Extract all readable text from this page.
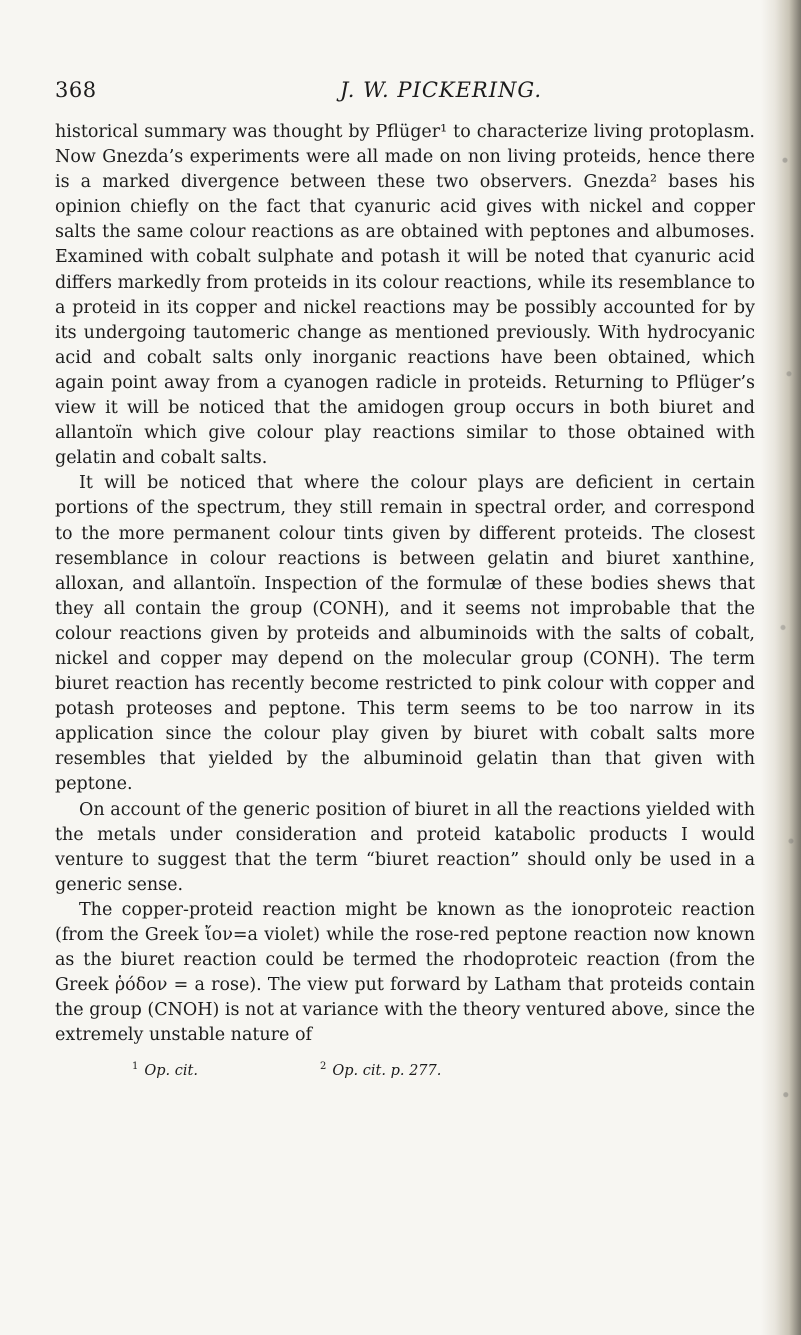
368	J. W. PICKERING.

historical summary was thought by Pflüger¹ to characterize living protoplasm. Now Gnezda’s experiments were all made on non living proteids, hence there is a marked divergence between these two observers. Gnezda² bases his opinion chiefly on the fact that cyanuric acid gives with nickel and copper salts the same colour reactions as are obtained with peptones and albumoses. Examined with cobalt sulphate and potash it will be noted that cyanuric acid differs markedly from proteids in its colour reactions, while its resemblance to a proteid in its copper and nickel reactions may be possibly accounted for by its undergoing tautomeric change as mentioned previously. With hydrocyanic acid and cobalt salts only inorganic reactions have been obtained, which again point away from a cyanogen radicle in proteids. Returning to Pflüger’s view it will be noticed that the amidogen group occurs in both biuret and allantoïn which give colour play reactions similar to those obtained with gelatin and cobalt salts.

It will be noticed that where the colour plays are deficient in certain portions of the spectrum, they still remain in spectral order, and correspond to the more permanent colour tints given by different proteids. The closest resemblance in colour reactions is between gelatin and biuret xanthine, alloxan, and allantoïn. Inspection of the formulæ of these bodies shews that they all contain the group (CONH), and it seems not improbable that the colour reactions given by proteids and albuminoids with the salts of cobalt, nickel and copper may depend on the molecular group (CONH). The term biuret reaction has recently become restricted to pink colour with copper and potash proteoses and peptone. This term seems to be too narrow in its application since the colour play given by biuret with cobalt salts more resembles that yielded by the albuminoid gelatin than that given with peptone.

On account of the generic position of biuret in all the reactions yielded with the metals under consideration and proteid katabolic products I would venture to suggest that the term “biuret reaction” should only be used in a generic sense.

The copper-proteid reaction might be known as the ionoproteic reaction (from the Greek ἴον=a violet) while the rose-red peptone reaction now known as the biuret reaction could be termed the rhodoproteic reaction (from the Greek ῥόδον = a rose). The view put forward by Latham that proteids contain the group (CNOH) is not at variance with the theory ventured above, since the extremely unstable nature of

$^1$ Op. cit.	$^2$ Op. cit. p. 277.
